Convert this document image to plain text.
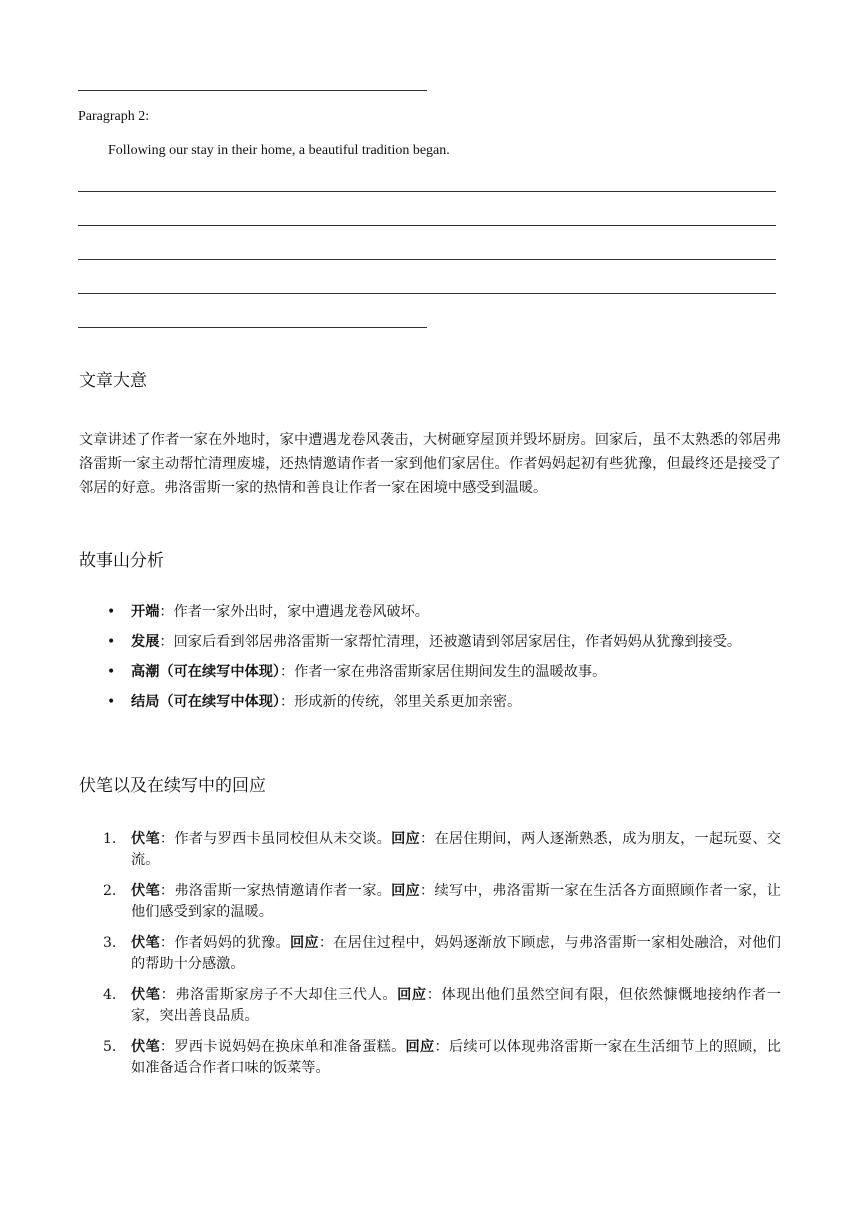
Paragraph 2:
Following our stay in their home, a beautiful tradition began.
文章大意

文章讲述了作者一家在外地时，家中遭遇龙卷风袭击，大树砸穿屋顶并毁坏厨房。回家后，虽不太熟悉的邻居弗洛雷斯一家主动帮忙清理废墟，还热情邀请作者一家到他们家居住。作者妈妈起初有些犹豫，但最终还是接受了邻居的好意。弗洛雷斯一家的热情和善良让作者一家在困境中感受到温暖。

故事山分析
• 开端：作者一家外出时，家中遭遇龙卷风破坏。
• 发展：回家后看到邻居弗洛雷斯一家帮忙清理，还被邀请到邻居家居住，作者妈妈从犹豫到接受。
• 高潮（可在续写中体现）：作者一家在弗洛雷斯家居住期间发生的温暖故事。
• 结局（可在续写中体现）：形成新的传统，邻里关系更加亲密。
伏笔以及在续写中的回应
1. 伏笔：作者与罗西卡虽同校但从未交谈。回应：在居住期间，两人逐渐熟悉，成为朋友，一起玩耍、交流。
2. 伏笔：弗洛雷斯一家热情邀请作者一家。回应：续写中，弗洛雷斯一家在生活各方面照顾作者一家，让他们感受到家的温暖。
3. 伏笔：作者妈妈的犹豫。回应：在居住过程中，妈妈逐渐放下顾虑，与弗洛雷斯一家相处融洽，对他们的帮助十分感激。
4. 伏笔：弗洛雷斯家房子不大却住三代人。回应：体现出他们虽然空间有限，但依然慷慨地接纳作者一家，突出善良品质。
5. 伏笔：罗西卡说妈妈在换床单和准备蛋糕。回应：后续可以体现弗洛雷斯一家在生活细节上的照顾，比如准备适合作者口味的饭菜等。
